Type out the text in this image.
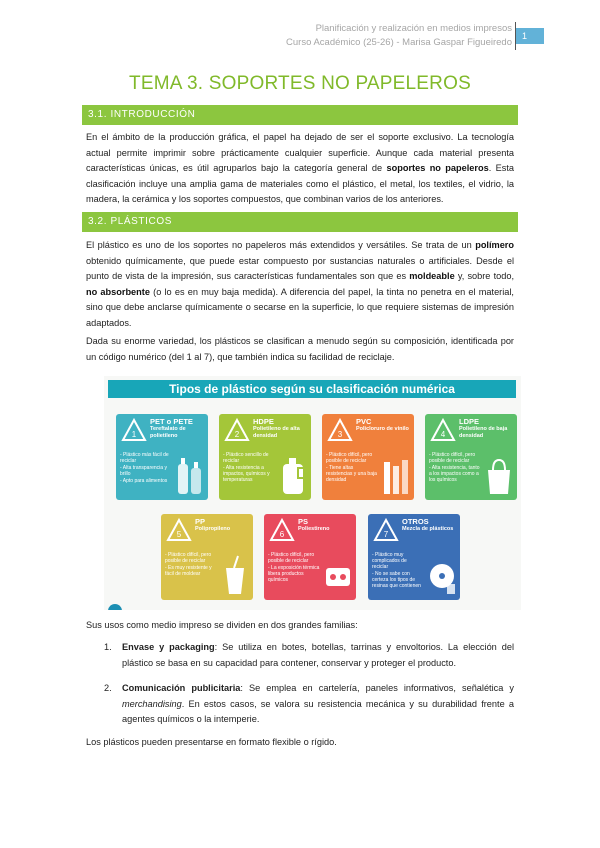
Planificación y realización en medios impresos
Curso Académico (25-26) - Marisa Gaspar Figueiredo
1
TEMA 3. SOPORTES NO PAPELEROS
3.1. INTRODUCCIÓN

En el ámbito de la producción gráfica, el papel ha dejado de ser el soporte exclusivo. La tecnología actual permite imprimir sobre prácticamente cualquier superficie. Aunque cada material presenta características únicas, es útil agruparlos bajo la categoría general de soportes no papeleros. Esta clasificación incluye una amplia gama de materiales como el plástico, el metal, los textiles, el vidrio, la madera, la cerámica y los soportes compuestos, que combinan varios de los anteriores.

3.2. PLÁSTICOS

El plástico es uno de los soportes no papeleros más extendidos y versátiles. Se trata de un polímero obtenido químicamente, que puede estar compuesto por sustancias naturales o artificiales. Desde el punto de vista de la impresión, sus características fundamentales son que es moldeable y, sobre todo, no absorbente (o lo es en muy baja medida). A diferencia del papel, la tinta no penetra en el material, sino que debe anclarse químicamente o secarse en la superficie, lo que requiere sistemas de impresión adaptados.

Dada su enorme variedad, los plásticos se clasifican a menudo según su composición, identificada por un código numérico (del 1 al 7), que también indica su facilidad de reciclaje.

Tipos de plástico según su clasificación numérica
1
PET o PETE
Tereftalato de polietileno
- Plástico más fácil de reciclar
- Alta transparencia y brillo
- Apto para alimentos
2
HDPE
Polietileno de alta densidad
- Plástico sencillo de reciclar
- Alta resistencia a impactos, químicos y temperaturas
3
PVC
Policloruro de vinilo
- Plástico difícil, pero posible de reciclar
- Tiene altas resistencias y una baja densidad
4
LDPE
Polietileno de baja densidad
- Plástico difícil, pero posible de reciclar
- Alta resistencia, tanto a los impactos como a los químicos
5
PP
Polipropileno
- Plástico difícil, pero posible de reciclar
- Es muy resistente y fácil de moldear
6
PS
Poliestireno
- Plástico difícil, pero posible de reciclar
- La exposición térmica libera productos químicos
7
OTROS
Mezcla de plásticos
- Plástico muy complicados de reciclar
- No se sabe con certeza los tipos de resinas que contienen

Sus usos como medio impreso se dividen en dos grandes familias:

1. Envase y packaging: Se utiliza en botes, botellas, tarrinas y envoltorios. La elección del plástico se basa en su capacidad para contener, conservar y proteger el producto.
2. Comunicación publicitaria: Se emplea en cartelería, paneles informativos, señalética y merchandising. En estos casos, se valora su resistencia mecánica y su durabilidad frente a agentes químicos o la intemperie.

Los plásticos pueden presentarse en formato flexible o rígido.
